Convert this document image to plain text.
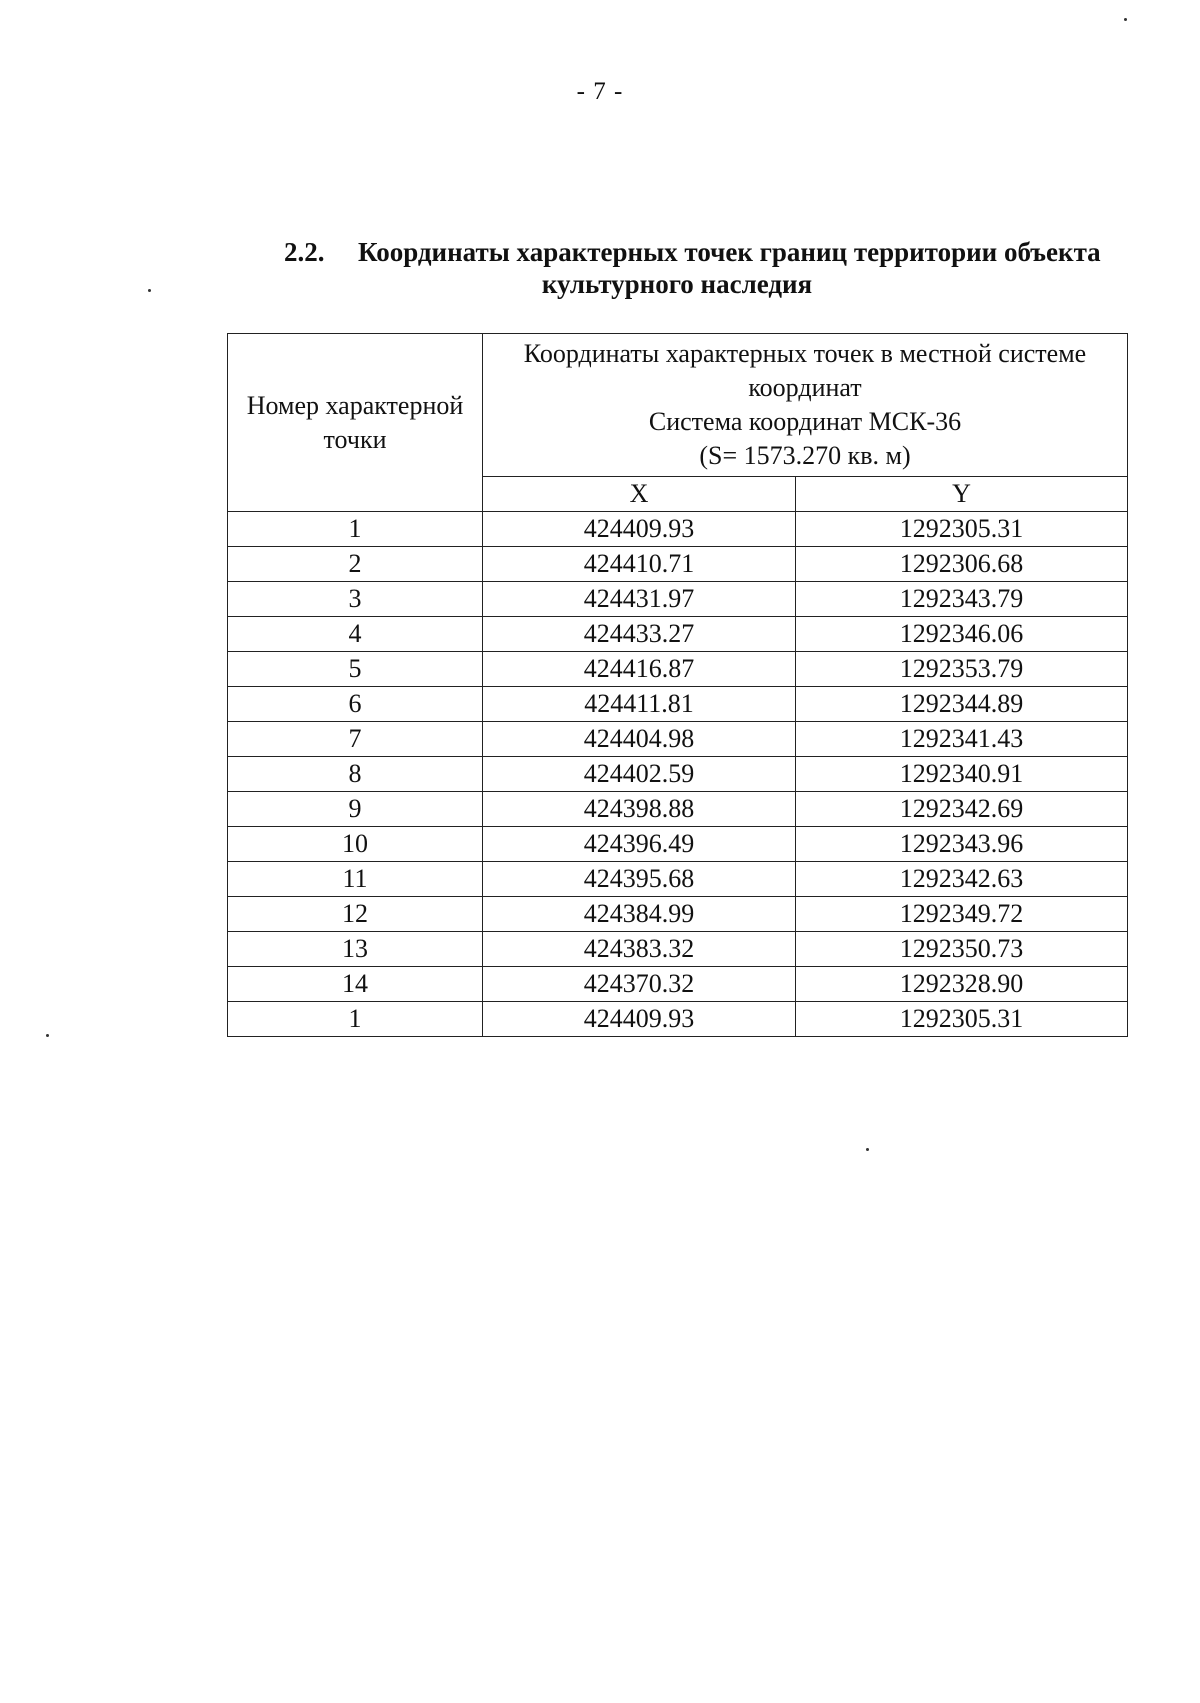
- 7 -
2.2. Координаты характерных точек границ территории объекта
культурного наследия
Номер характерной точки	Координаты характерных точек в местной системе координат
Система координат МСК-36
(S= 1573.270 кв. м)	

	X	Y
1	424409.93	1292305.31
2	424410.71	1292306.68
3	424431.97	1292343.79
4	424433.27	1292346.06
5	424416.87	1292353.79
6	424411.81	1292344.89
7	424404.98	1292341.43
8	424402.59	1292340.91
9	424398.88	1292342.69
10	424396.49	1292343.96
11	424395.68	1292342.63
12	424384.99	1292349.72
13	424383.32	1292350.73
14	424370.32	1292328.90
1	424409.93	1292305.31
